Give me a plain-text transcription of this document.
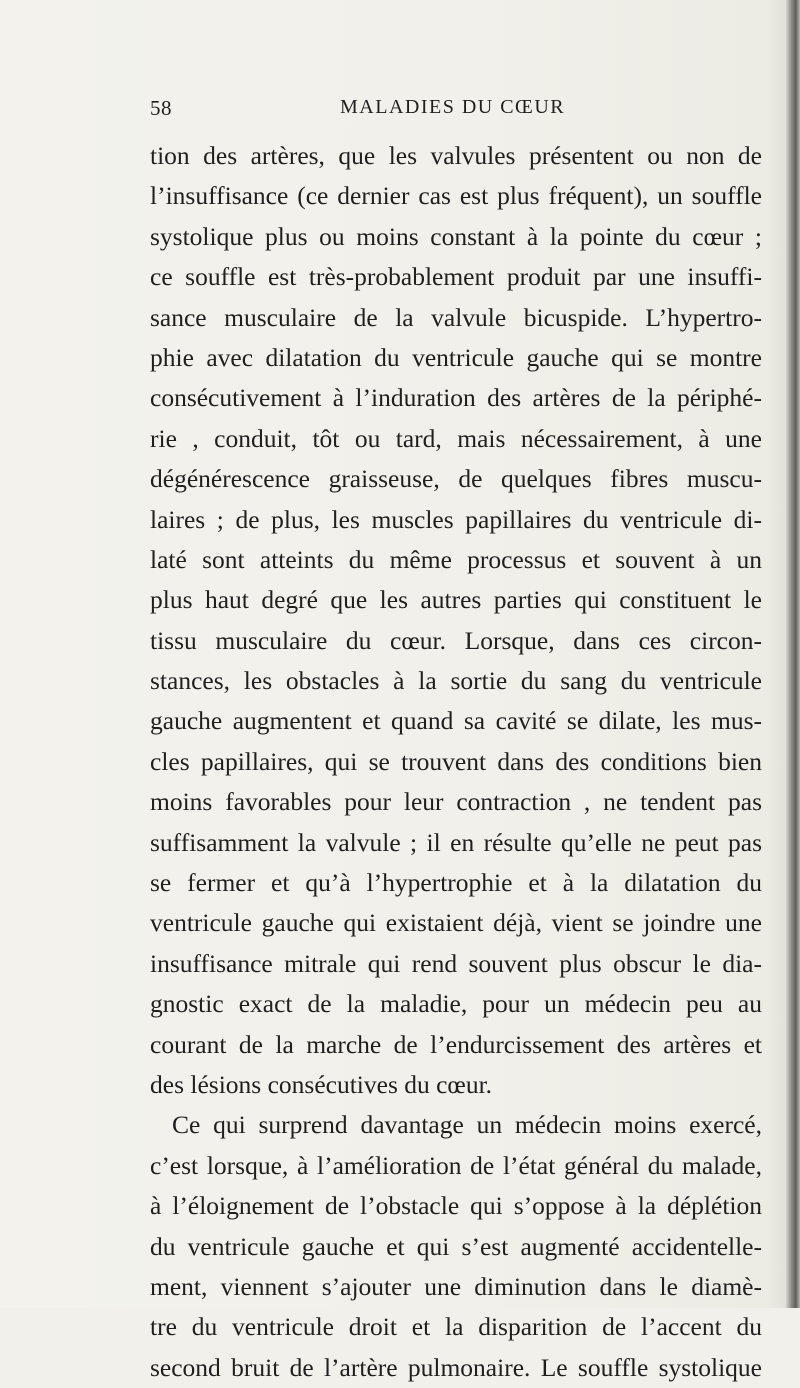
58	MALADIES DU CŒUR
tion des artères, que les valvules présentent ou non de
l’insuffisance (ce dernier cas est plus fréquent), un souffle
systolique plus ou moins constant à la pointe du cœur ;
ce souffle est très-probablement produit par une insuffi-
sance musculaire de la valvule bicuspide. L’hypertro-
phie avec dilatation du ventricule gauche qui se montre
consécutivement à l’induration des artères de la périphé-
rie , conduit, tôt ou tard, mais nécessairement, à une
dégénérescence graisseuse, de quelques fibres muscu-
laires ; de plus, les muscles papillaires du ventricule di-
laté sont atteints du même processus et souvent à un
plus haut degré que les autres parties qui constituent le
tissu musculaire du cœur. Lorsque, dans ces circon-
stances, les obstacles à la sortie du sang du ventricule
gauche augmentent et quand sa cavité se dilate, les mus-
cles papillaires, qui se trouvent dans des conditions bien
moins favorables pour leur contraction , ne tendent pas
suffisamment la valvule ; il en résulte qu’elle ne peut pas
se fermer et qu’à l’hypertrophie et à la dilatation du
ventricule gauche qui existaient déjà, vient se joindre une
insuffisance mitrale qui rend souvent plus obscur le dia-
gnostic exact de la maladie, pour un médecin peu au
courant de la marche de l’endurcissement des artères et
des lésions consécutives du cœur.
Ce qui surprend davantage un médecin moins exercé,
c’est lorsque, à l’amélioration de l’état général du malade,
à l’éloignement de l’obstacle qui s’oppose à la déplétion
du ventricule gauche et qui s’est augmenté accidentelle-
ment, viennent s’ajouter une diminution dans le diamè-
tre du ventricule droit et la disparition de l’accent du
second bruit de l’artère pulmonaire. Le souffle systolique
